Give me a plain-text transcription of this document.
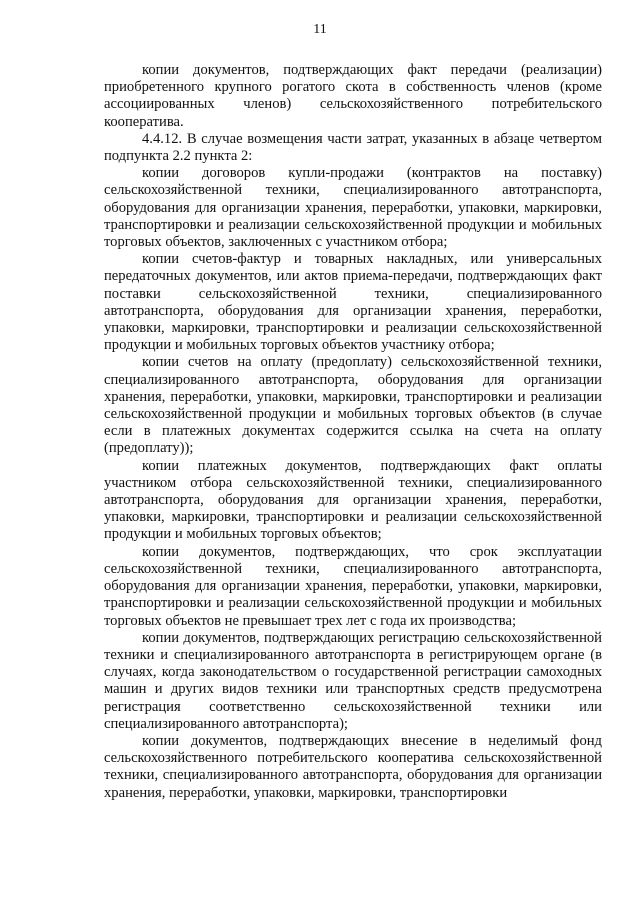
11

копии документов, подтверждающих факт передачи (реализации) приобретенного крупного рогатого скота в собственность членов (кроме ассоциированных членов) сельскохозяйственного потребительского кооператива.

4.4.12. В случае возмещения части затрат, указанных в абзаце четвертом подпункта 2.2 пункта 2:

копии договоров купли-продажи (контрактов на поставку) сельскохозяйственной техники, специализированного автотранспорта, оборудования для организации хранения, переработки, упаковки, маркировки, транспортировки и реализации сельскохозяйственной продукции и мобильных торговых объектов, заключенных с участником отбора;

копии счетов-фактур и товарных накладных, или универсальных передаточных документов, или актов приема-передачи, подтверждающих факт поставки сельскохозяйственной техники, специализированного автотранспорта, оборудования для организации хранения, переработки, упаковки, маркировки, транспортировки и реализации сельскохозяйственной продукции и мобильных торговых объектов участнику отбора;

копии счетов на оплату (предоплату) сельскохозяйственной техники, специализированного автотранспорта, оборудования для организации хранения, переработки, упаковки, маркировки, транспортировки и реализации сельскохозяйственной продукции и мобильных торговых объектов (в случае если в платежных документах содержится ссылка на счета на оплату (предоплату));

копии платежных документов, подтверждающих факт оплаты участником отбора сельскохозяйственной техники, специализированного автотранспорта, оборудования для организации хранения, переработки, упаковки, маркировки, транспортировки и реализации сельскохозяйственной продукции и мобильных торговых объектов;

копии документов, подтверждающих, что срок эксплуатации сельскохозяйственной техники, специализированного автотранспорта, оборудования для организации хранения, переработки, упаковки, маркировки, транспортировки и реализации сельскохозяйственной продукции и мобильных торговых объектов не превышает трех лет с года их производства;

копии документов, подтверждающих регистрацию сельскохозяйственной техники и специализированного автотранспорта в регистрирующем органе (в случаях, когда законодательством о государственной регистрации самоходных машин и других видов техники или транспортных средств предусмотрена регистрация соответственно сельскохозяйственной техники или специализированного автотранспорта);

копии документов, подтверждающих внесение в неделимый фонд сельскохозяйственного потребительского кооператива сельскохозяйственной техники, специализированного автотранспорта, оборудования для организации хранения, переработки, упаковки, маркировки, транспортировки
